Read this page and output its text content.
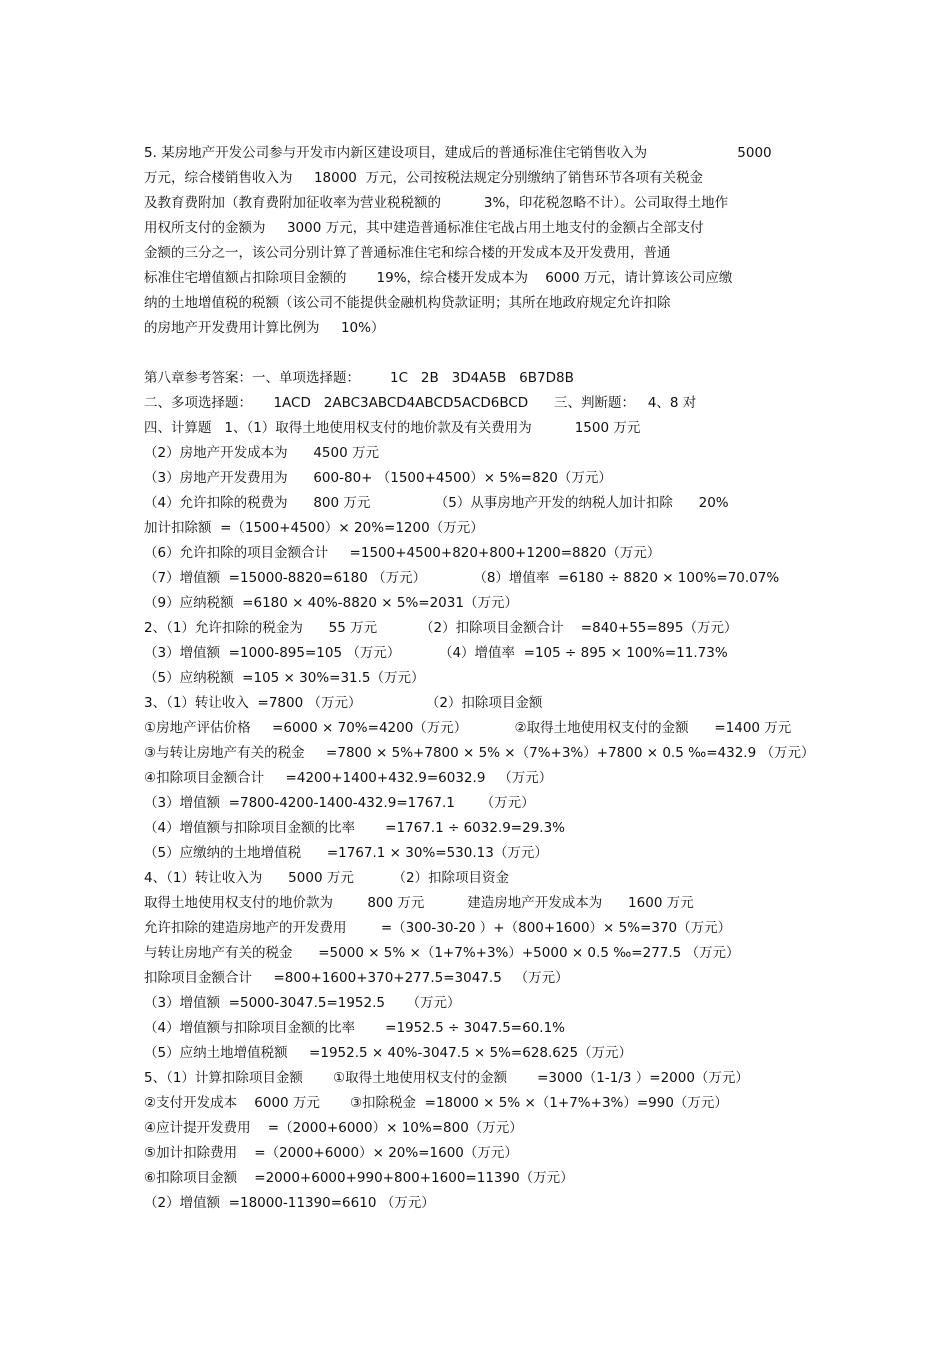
5. 某房地产开发公司参与开发市内新区建设项目，建成后的普通标准住宅销售收入为                     5000
万元，综合楼销售收入为     18000  万元，公司按税法规定分别缴纳了销售环节各项有关税金
及教育费附加（教育费附加征收率为营业税税额的          3%，印花税忽略不计）。公司取得土地作
用权所支付的金额为     3000 万元，其中建造普通标准住宅战占用土地支付的金额占全部支付
金额的三分之一，该公司分别计算了普通标准住宅和综合楼的开发成本及开发费用，普通
标准住宅增值额占扣除项目金额的       19%，综合楼开发成本为    6000 万元，请计算该公司应缴
纳的土地增值税的税额（该公司不能提供金融机构贷款证明；其所在地政府规定允许扣除
的房地产开发费用计算比例为     10%）
第八章参考答案：一、单项选择题：       1C   2B   3D4A5B   6B7D8B
二、多项选择题：     1ACD   2ABC3ABCD4ABCD5ACD6BCD      三、判断题：   4、8 对
四、计算题   1、（1）取得土地使用权支付的地价款及有关费用为          1500 万元
（2）房地产开发成本为      4500 万元
（3）房地产开发费用为      600-80+ （1500+4500）× 5%=820（万元）
（4）允许扣除的税费为      800 万元               （5）从事房地产开发的纳税人加计扣除      20%
加计扣除额  =（1500+4500）× 20%=1200（万元）
（6）允许扣除的项目金额合计     =1500+4500+820+800+1200=8820（万元）
（7）增值额  =15000-8820=6180 （万元）           （8）增值率  =6180 ÷ 8820 × 100%=70.07%
（9）应纳税额  =6180 × 40%-8820 × 5%=2031（万元）
2、（1）允许扣除的税金为      55 万元          （2）扣除项目金额合计    =840+55=895（万元）
（3）增值额  =1000-895=105 （万元）         （4）增值率  =105 ÷ 895 × 100%=11.73%
（5）应纳税额  =105 × 30%=31.5（万元）
3、（1）转让收入  =7800 （万元）               （2）扣除项目金额
①房地产评估价格     =6000 × 70%=4200（万元）           ②取得土地使用权支付的金额      =1400 万元
③与转让房地产有关的税金     =7800 × 5%+7800 × 5% ×（7%+3%）+7800 × 0.5 ‰=432.9 （万元）
④扣除项目金额合计     =4200+1400+432.9=6032.9   （万元）
（3）增值额  =7800-4200-1400-432.9=1767.1      （万元）
（4）增值额与扣除项目金额的比率       =1767.1 ÷ 6032.9=29.3%
（5）应缴纳的土地增值税      =1767.1 × 30%=530.13（万元）
4、（1）转让收入为      5000 万元         （2）扣除项目资金
取得土地使用权支付的地价款为        800 万元          建造房地产开发成本为      1600 万元
允许扣除的建造房地产的开发费用        =（300-30-20 ）+（800+1600）× 5%=370（万元）
与转让房地产有关的税金      =5000 × 5% ×（1+7%+3%）+5000 × 0.5 ‰=277.5 （万元）
扣除项目金额合计     =800+1600+370+277.5=3047.5   （万元）
（3）增值额  =5000-3047.5=1952.5     （万元）
（4）增值额与扣除项目金额的比率       =1952.5 ÷ 3047.5=60.1%
（5）应纳土地增值税额     =1952.5 × 40%-3047.5 × 5%=628.625（万元）
5、（1）计算扣除项目金额       ①取得土地使用权支付的金额       =3000（1-1/3 ）=2000（万元）
②支付开发成本    6000 万元       ③扣除税金  =18000 × 5% ×（1+7%+3%）=990（万元）
④应计提开发费用    =（2000+6000）× 10%=800（万元）
⑤加计扣除费用    =（2000+6000）× 20%=1600（万元）
⑥扣除项目金额    =2000+6000+990+800+1600=11390（万元）
（2）增值额  =18000-11390=6610 （万元）
